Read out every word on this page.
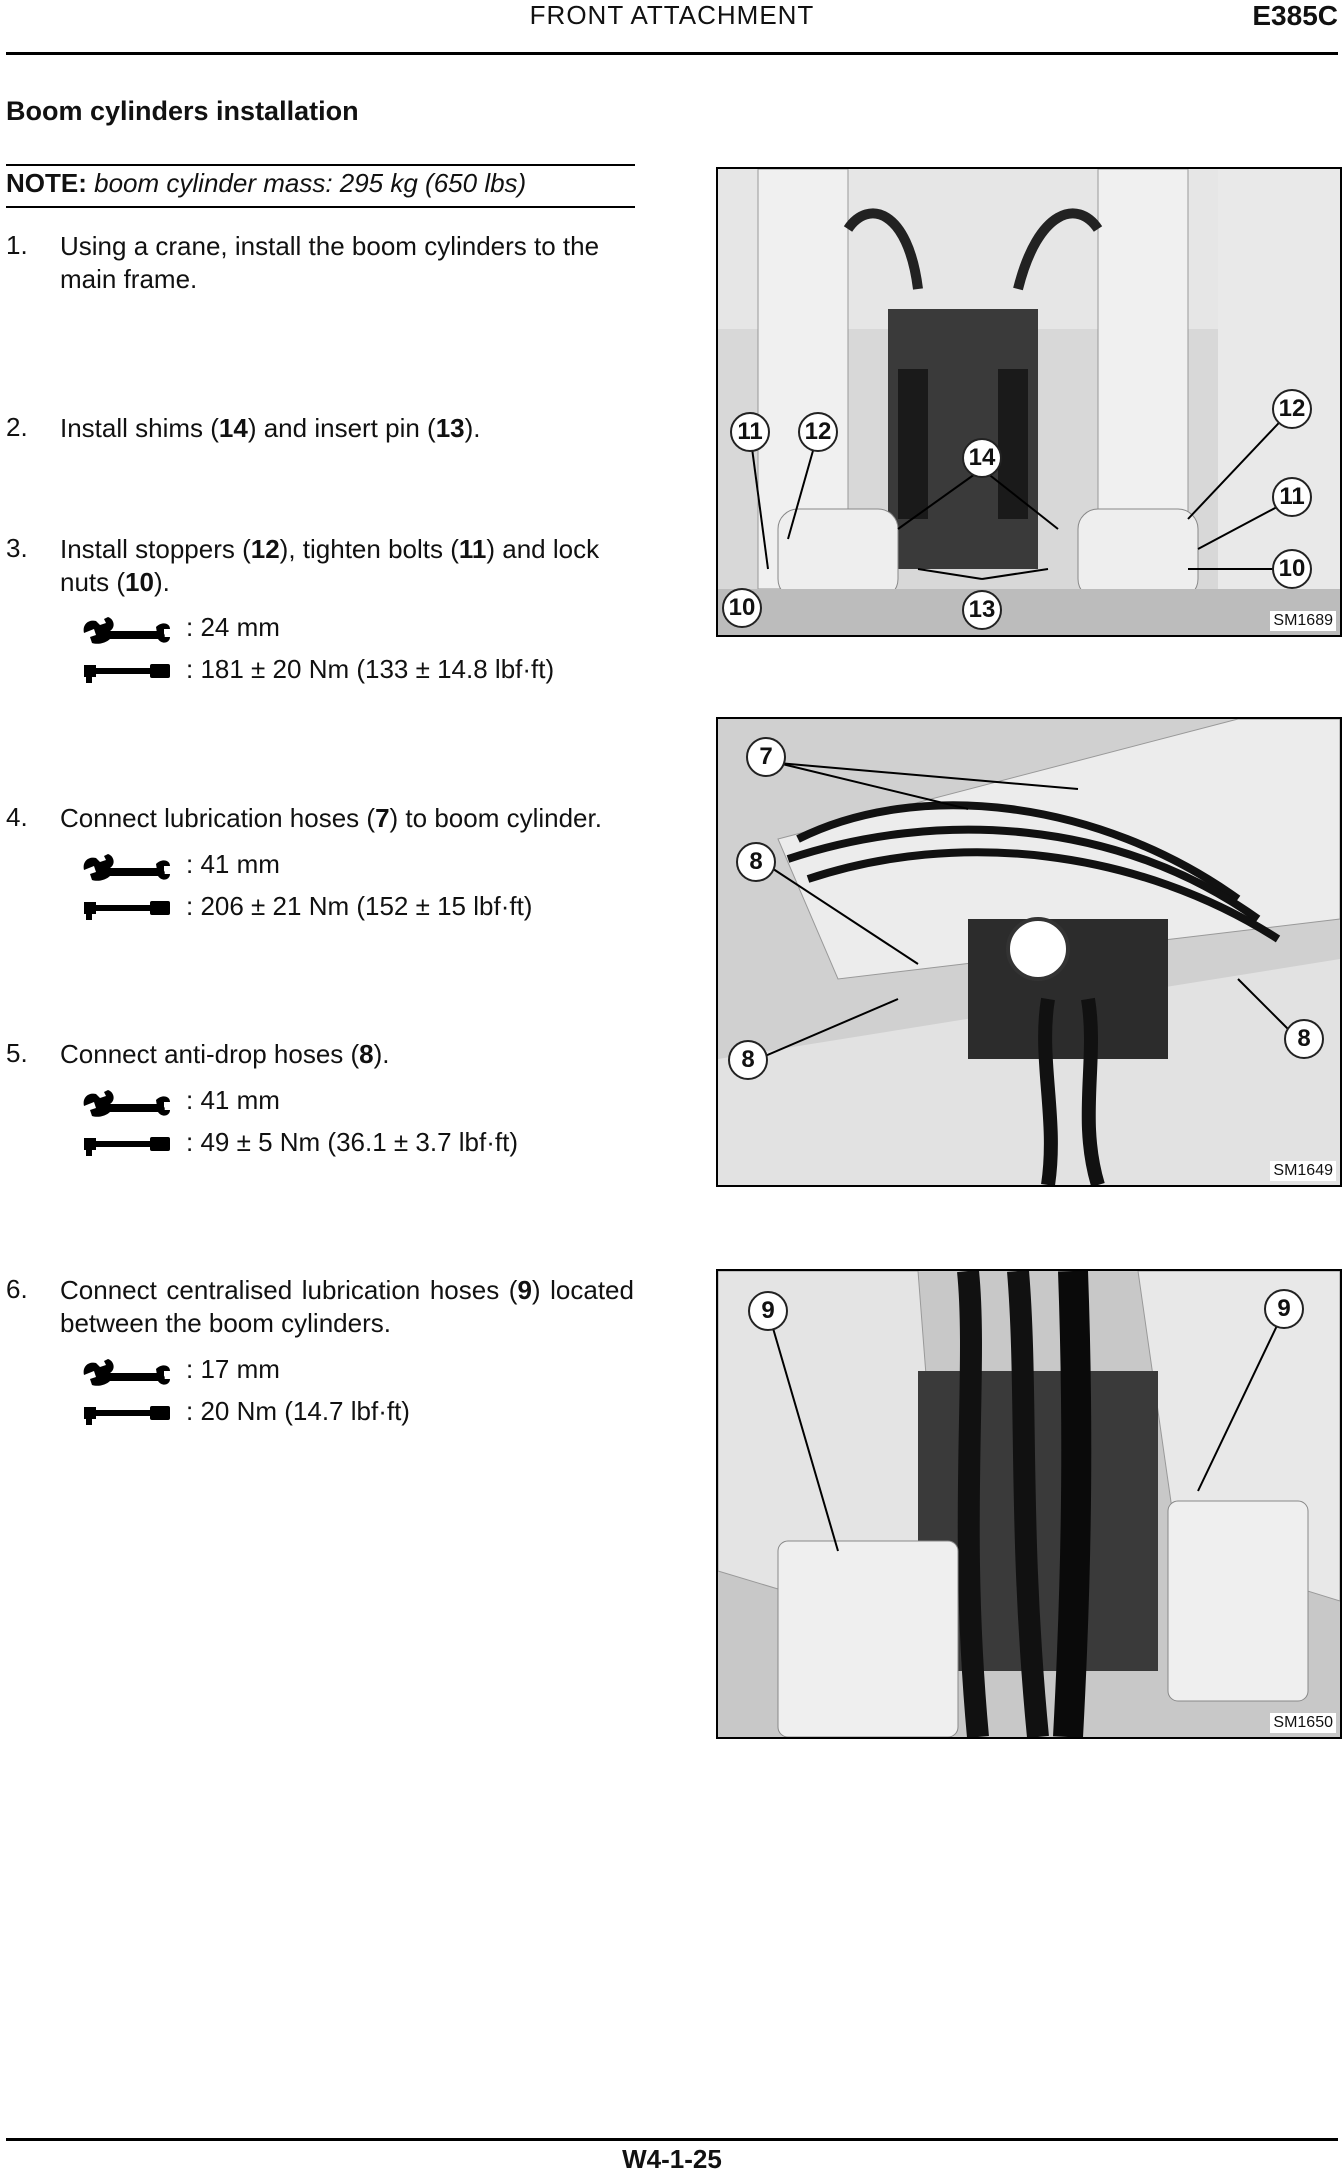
FRONT ATTACHMENT	E385C
Boom cylinders installation
NOTE: boom cylinder mass: 295 kg (650 lbs)
1. Using a crane, install the boom cylinders to the main frame.
2. Install shims (14) and insert pin (13).
3. Install stoppers (12), tighten bolts (11) and lock nuts (10).
: 24 mm
: 181 ± 20 Nm (133 ± 14.8 lbf·ft)
4. Connect lubrication hoses (7) to boom cylinder.
: 41 mm
: 206 ± 21 Nm (152 ± 15 lbf·ft)
5. Connect anti-drop hoses (8).
: 41 mm
: 49 ± 5 Nm (36.1 ± 3.7 lbf·ft)
6. Connect centralised lubrication hoses (9) located between the boom cylinders.
: 17 mm
: 20 Nm (14.7 lbf·ft)
11	12
14
12
11
10
10	13	SM1689
7
8
8
8
SM1649
9	9
SM1650
W4-1-25
